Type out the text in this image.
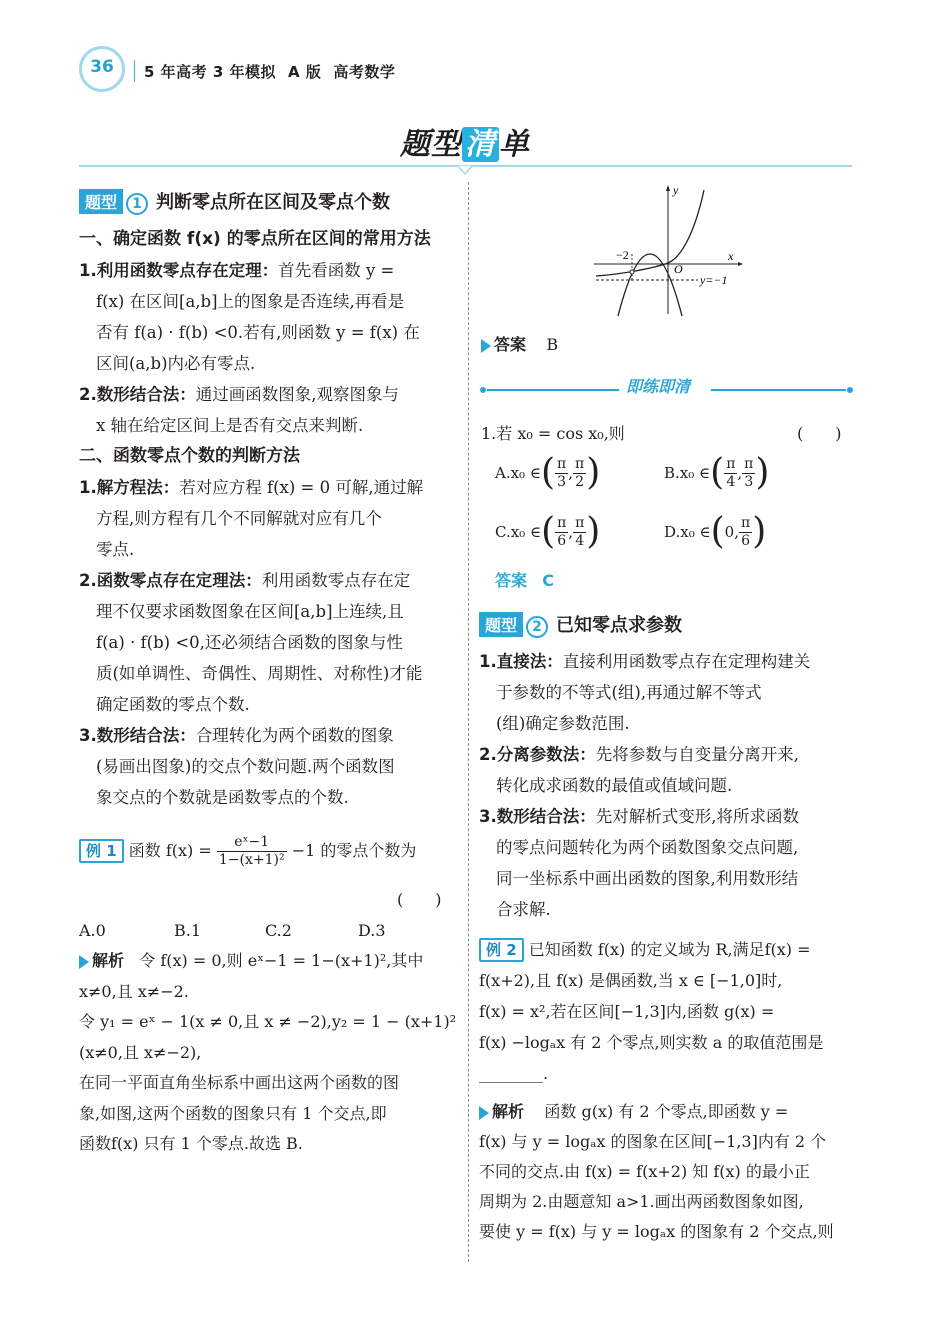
36	5 年高考 3 年模拟 A 版 高考数学
题型 清 单
题型 1 判断零点所在区间及零点个数
一、确定函数 f(x) 的零点所在区间的常用方法
1.利用函数零点存在定理：首先看函数 y =
f(x) 在区间[a,b]上的图象是否连续,再看是
否有 f(a) · f(b) <0.若有,则函数 y = f(x) 在
区间(a,b)内必有零点.
2.数形结合法：通过画函数图象,观察图象与
x 轴在给定区间上是否有交点来判断.
二、函数零点个数的判断方法
1.解方程法：若对应方程 f(x) = 0 可解,通过解
方程,则方程有几个不同解就对应有几个
零点.
2.函数零点存在定理法：利用函数零点存在定
理不仅要求函数图象在区间[a,b]上连续,且
f(a) · f(b) <0,还必须结合函数的图象与性
质(如单调性、奇偶性、周期性、对称性)才能
确定函数的零点个数.
3.数形结合法：合理转化为两个函数的图象
(易画出图象)的交点个数问题.两个函数图
象交点的个数就是函数零点的个数.
例 1 函数 $f(x) = \frac{\text{eˣ−1}}{\text{1−(x+1)²}} -1$ 的零点个数为
(　　)
A.0	B.1	C.2	D.3
解析 令 f(x) = 0,则 eˣ−1 = 1−(x+1)²,其中
x≠0,且 x≠−2.
令 y₁ = eˣ − 1(x ≠ 0,且 x ≠ −2),y₂ = 1 − (x+1)²
(x≠0,且 x≠−2),
在同一平面直角坐标系中画出这两个函数的图
象,如图,这两个函数的图象只有 1 个交点,即
函数f(x) 只有 1 个零点.故选 B.
y
x
O
−2
y=−1
答案 B
即练即清
1.若 x₀ = cos x₀,则	(　　)
A.x₀ ∈ ( $\frac{\pi}{3}$ , $\frac{\pi}{2}$ )	B.x₀ ∈ ( $\frac{\pi}{4}$ , $\frac{\pi}{3}$ )
C.x₀ ∈ ( $\frac{\pi}{6}$ , $\frac{\pi}{4}$ )	D.x₀ ∈ ( 0 , $\frac{\pi}{6}$ )
答案 C
题型 2 已知零点求参数
1.直接法：直接利用函数零点存在定理构建关
于参数的不等式(组),再通过解不等式
(组)确定参数范围.
2.分离参数法：先将参数与自变量分离开来,
转化成求函数的最值或值域问题.
3.数形结合法：先对解析式变形,将所求函数
的零点问题转化为两个函数图象交点问题,
同一坐标系中画出函数的图象,利用数形结
合求解.
例 2 已知函数 f(x) 的定义域为 R,满足f(x) =
f(x+2),且 f(x) 是偶函数,当 x ∈ [−1,0]时,
f(x) = x²,若在区间[−1,3]内,函数 g(x) =
f(x) −logₐx 有 2 个零点,则实数 a 的取值范围是
________.
解析 函数 g(x) 有 2 个零点,即函数 y =
f(x) 与 y = logₐx 的图象在区间[−1,3]内有 2 个
不同的交点.由 f(x) = f(x+2) 知 f(x) 的最小正
周期为 2.由题意知 a>1.画出两函数图象如图,
要使 y = f(x) 与 y = logₐx 的图象有 2 个交点,则
